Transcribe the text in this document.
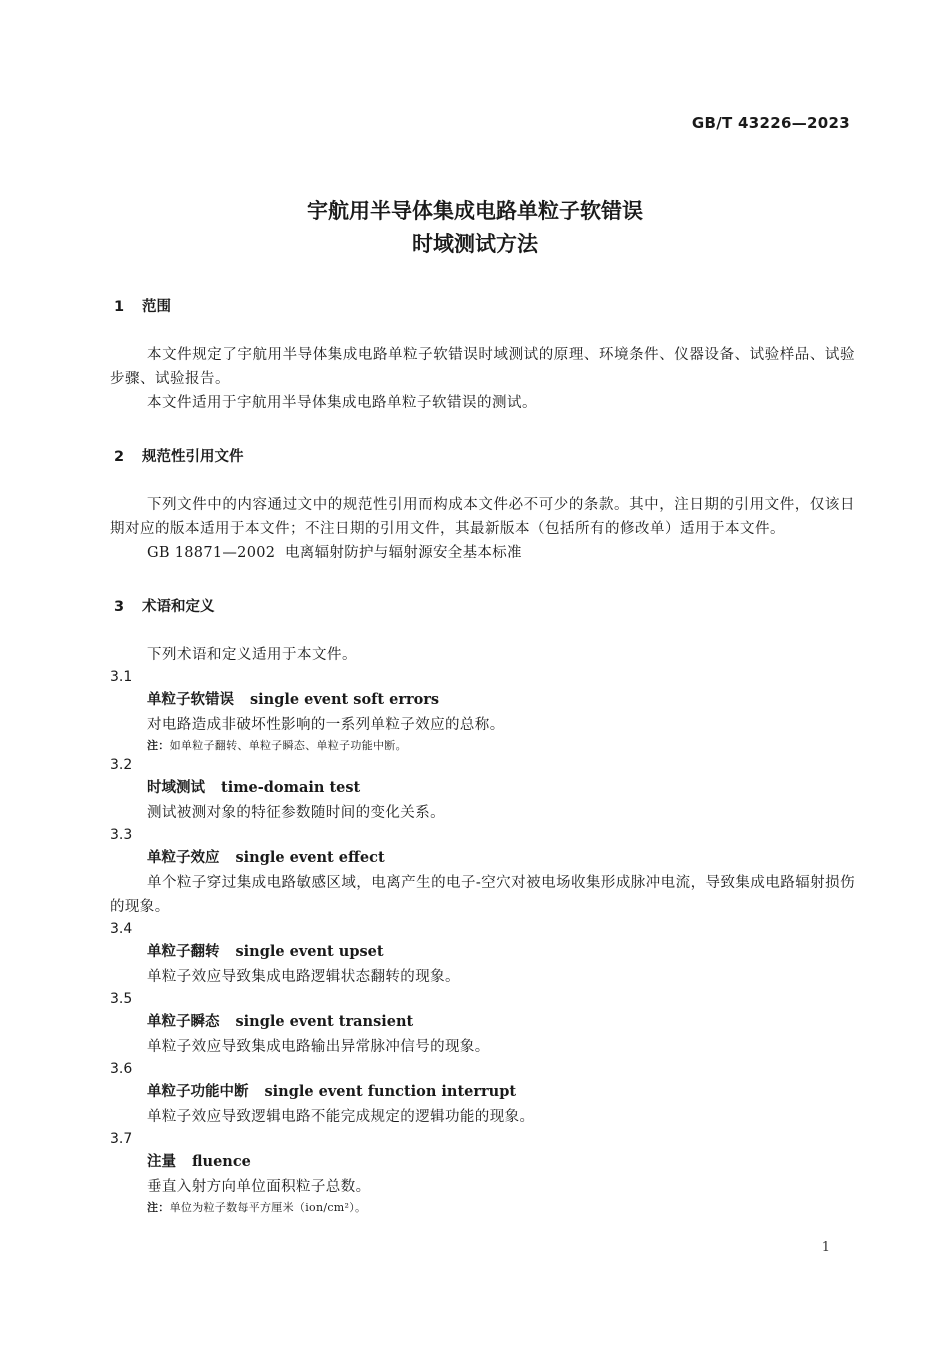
GB/T 43226—2023
宇航用半导体集成电路单粒子软错误
时域测试方法
1 范围
本文件规定了宇航用半导体集成电路单粒子软错误时域测试的原理、环境条件、仪器设备、试验样品、试验步骤、试验报告。
本文件适用于宇航用半导体集成电路单粒子软错误的测试。
2 规范性引用文件
下列文件中的内容通过文中的规范性引用而构成本文件必不可少的条款。其中，注日期的引用文件，仅该日期对应的版本适用于本文件；不注日期的引用文件，其最新版本（包括所有的修改单）适用于本文件。
GB 18871—2002 电离辐射防护与辐射源安全基本标准
3 术语和定义
下列术语和定义适用于本文件。
3.1
单粒子软错误 single event soft errors
对电路造成非破坏性影响的一系列单粒子效应的总称。
注：如单粒子翻转、单粒子瞬态、单粒子功能中断。
3.2
时域测试 time-domain test
测试被测对象的特征参数随时间的变化关系。
3.3
单粒子效应 single event effect
单个粒子穿过集成电路敏感区域，电离产生的电子-空穴对被电场收集形成脉冲电流，导致集成电路辐射损伤的现象。
3.4
单粒子翻转 single event upset
单粒子效应导致集成电路逻辑状态翻转的现象。
3.5
单粒子瞬态 single event transient
单粒子效应导致集成电路输出异常脉冲信号的现象。
3.6
单粒子功能中断 single event function interrupt
单粒子效应导致逻辑电路不能完成规定的逻辑功能的现象。
3.7
注量 fluence
垂直入射方向单位面积粒子总数。
注：单位为粒子数每平方厘米（ion/cm²）。
1
